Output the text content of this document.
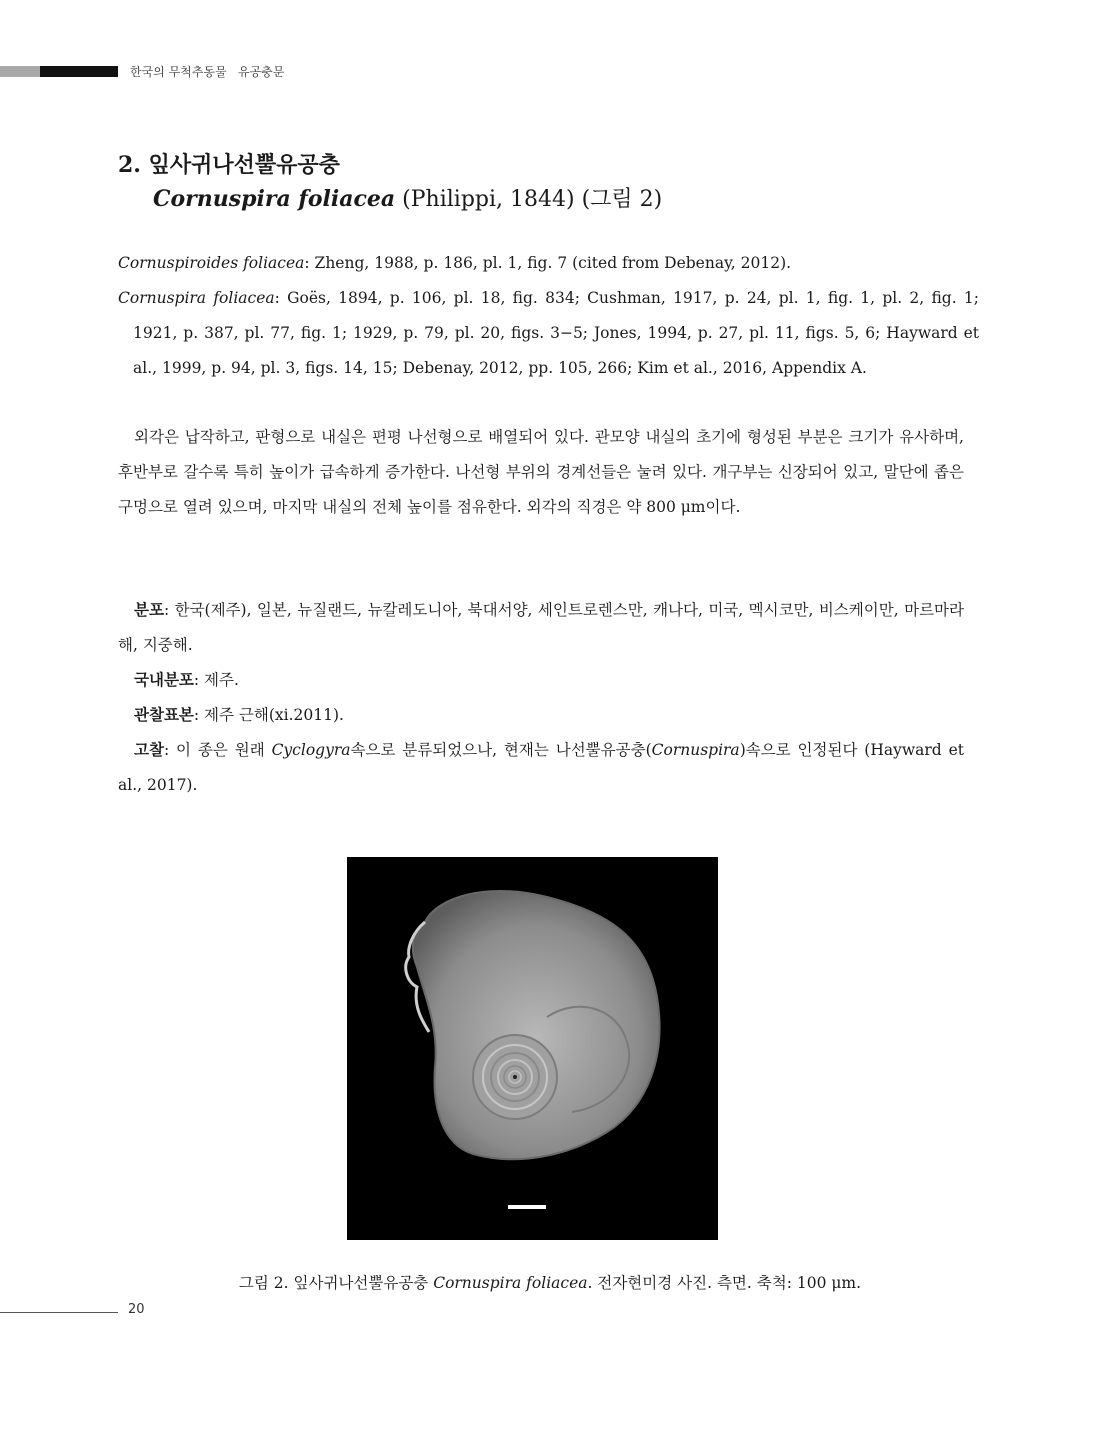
한국의 무척추동물   유공충문
2. 잎사귀나선뿔유공충
Cornuspira foliacea (Philippi, 1844) (그림 2)
Cornuspiroides foliacea: Zheng, 1988, p. 186, pl. 1, fig. 7 (cited from Debenay, 2012).
Cornuspira foliacea: Goës, 1894, p. 106, pl. 18, fig. 834; Cushman, 1917, p. 24, pl. 1, fig. 1, pl. 2, fig. 1; 1921, p. 387, pl. 77, fig. 1; 1929, p. 79, pl. 20, figs. 3−5; Jones, 1994, p. 27, pl. 11, figs. 5, 6; Hayward et al., 1999, p. 94, pl. 3, figs. 14, 15; Debenay, 2012, pp. 105, 266; Kim et al., 2016, Appendix A.
외각은 납작하고, 판형으로 내실은 편평 나선형으로 배열되어 있다. 관모양 내실의 초기에 형성된 부분은 크기가 유사하며, 후반부로 갈수록 특히 높이가 급속하게 증가한다. 나선형 부위의 경계선들은 눌려 있다. 개구부는 신장되어 있고, 말단에 좁은 구멍으로 열려 있으며, 마지막 내실의 전체 높이를 점유한다. 외각의 직경은 약 800 μm이다.
분포: 한국(제주), 일본, 뉴질랜드, 뉴칼레도니아, 북대서양, 세인트로렌스만, 캐나다, 미국, 멕시코만, 비스케이만, 마르마라해, 지중해.
국내분포: 제주.
관찰표본: 제주 근해(xi.2011).
고찰: 이 종은 원래 Cyclogyra속으로 분류되었으나, 현재는 나선뿔유공충(Cornuspira)속으로 인정된다 (Hayward et al., 2017).
그림 2. 잎사귀나선뿔유공충 Cornuspira foliacea. 전자현미경 사진. 측면. 축척: 100 μm.
20
